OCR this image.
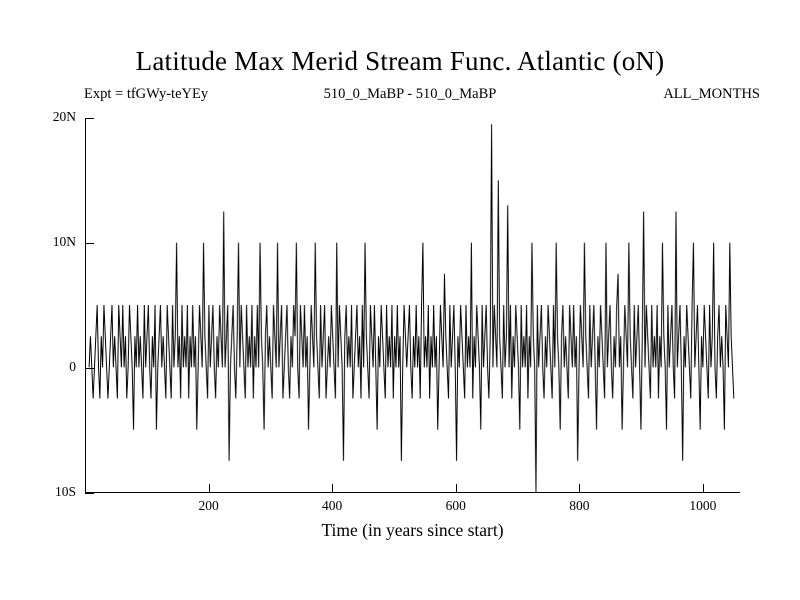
Latitude Max Merid Stream Func. Atlantic (oN)
Expt = tfGWy-teYEy	510_0_MaBP - 510_0_MaBP	ALL_MONTHS
10S
0
10N
20N
200	400	600	800	1000
Time (in years since start)
